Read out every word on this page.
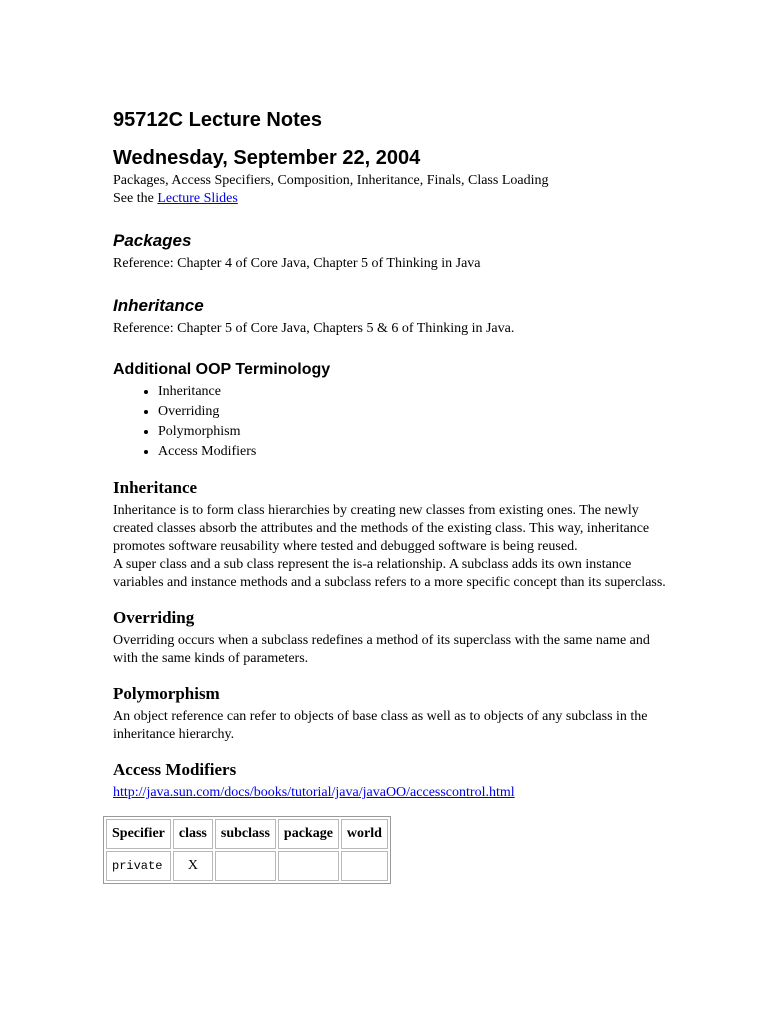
95712C Lecture Notes
Wednesday, September 22, 2004

Packages, Access Specifiers, Composition, Inheritance, Finals, Class Loading

See the Lecture Slides

Packages

Reference: Chapter 4 of Core Java, Chapter 5 of Thinking in Java

Inheritance

Reference: Chapter 5 of Core Java, Chapters 5 & 6 of Thinking in Java.

Additional OOP Terminology
• Inheritance
• Overriding
• Polymorphism
• Access Modifiers
Inheritance

Inheritance is to form class hierarchies by creating new classes from existing ones. The newly created classes absorb the attributes and the methods of the existing class. This way, inheritance promotes software reusability where tested and debugged software is being reused.

A super class and a sub class represent the is-a relationship. A subclass adds its own instance variables and instance methods and a subclass refers to a more specific concept than its superclass.

Overriding

Overriding occurs when a subclass redefines a method of its superclass with the same name and with the same kinds of parameters.

Polymorphism

An object reference can refer to objects of base class as well as to objects of any subclass in the inheritance hierarchy.

Access Modifiers

http://java.sun.com/docs/books/tutorial/java/javaOO/accesscontrol.html

Specifier	class	subclass	package	world
private	X			
